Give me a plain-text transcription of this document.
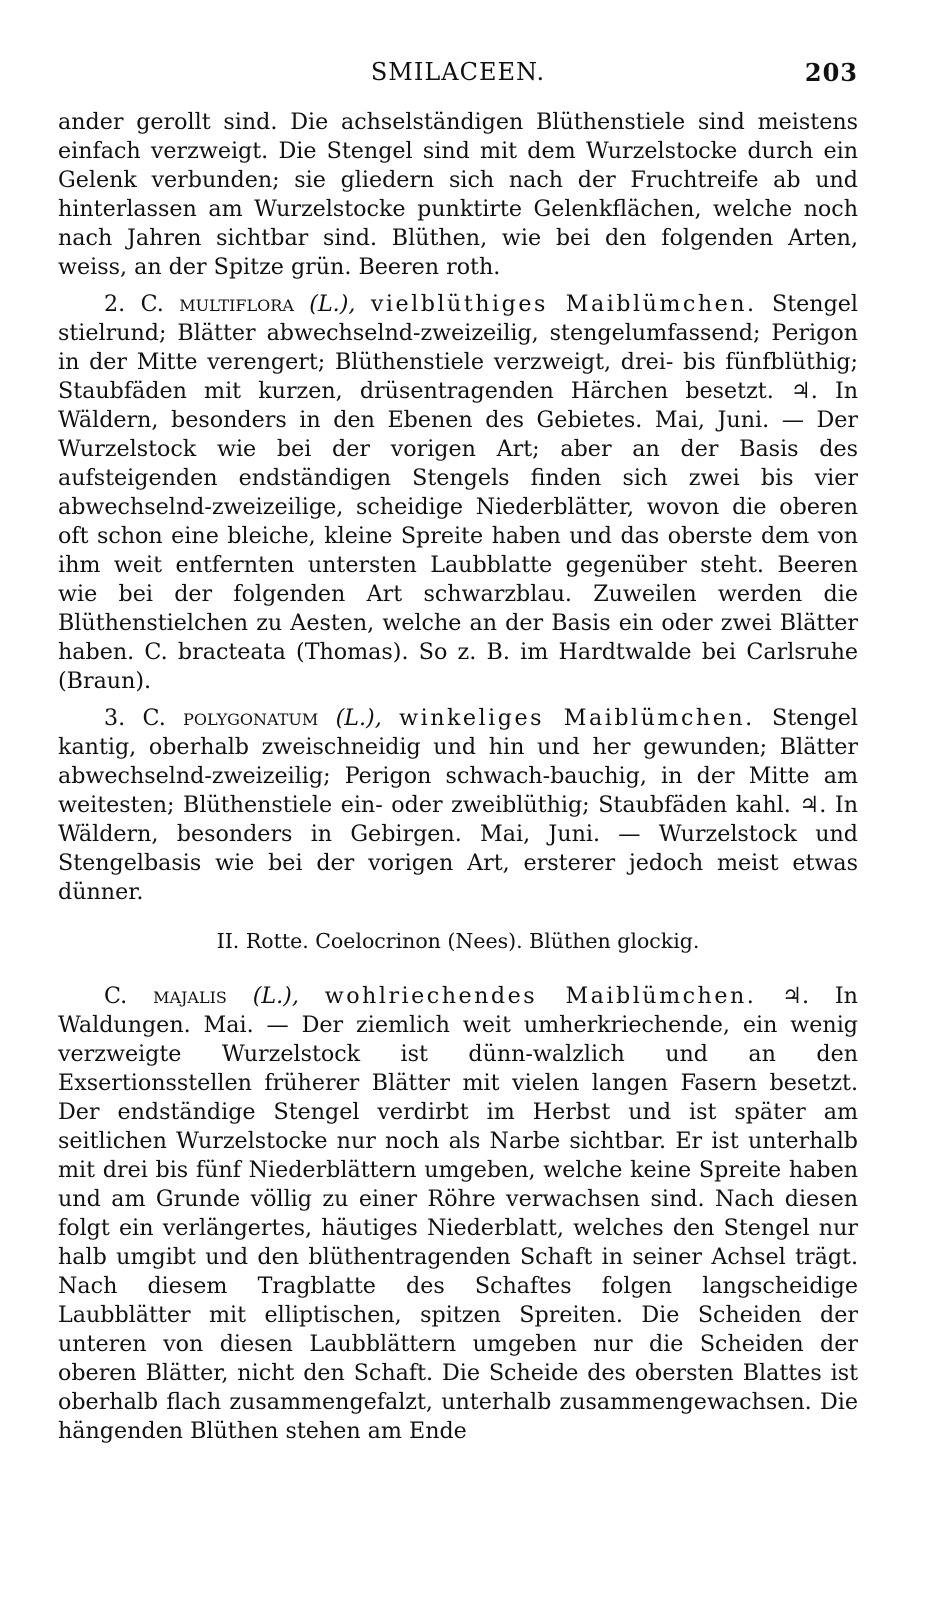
SMILACEEN.	203

ander gerollt sind. Die achselständigen Blüthenstiele sind meistens einfach verzweigt. Die Stengel sind mit dem Wurzelstocke durch ein Gelenk verbunden; sie gliedern sich nach der Fruchtreife ab und hinterlassen am Wurzelstocke punktirte Gelenkflächen, welche noch nach Jahren sichtbar sind. Blüthen, wie bei den folgenden Arten, weiss, an der Spitze grün. Beeren roth.

2. C. multiflora (L.), vielblüthiges Maiblümchen. Stengel stielrund; Blätter abwechselnd-zweizeilig, stengelumfassend; Perigon in der Mitte verengert; Blüthenstiele verzweigt, drei- bis fünfblüthig; Staubfäden mit kurzen, drüsentragenden Härchen besetzt. ♃. In Wäldern, besonders in den Ebenen des Gebietes. Mai, Juni. — Der Wurzelstock wie bei der vorigen Art; aber an der Basis des aufsteigenden endständigen Stengels finden sich zwei bis vier abwechselnd-zweizeilige, scheidige Niederblätter, wovon die oberen oft schon eine bleiche, kleine Spreite haben und das oberste dem von ihm weit entfernten untersten Laubblatte gegenüber steht. Beeren wie bei der folgenden Art schwarzblau. Zuweilen werden die Blüthenstielchen zu Aesten, welche an der Basis ein oder zwei Blätter haben. C. bracteata (Thomas). So z. B. im Hardtwalde bei Carlsruhe (Braun).

3. C. polygonatum (L.), winkeliges Maiblümchen. Stengel kantig, oberhalb zweischneidig und hin und her gewunden; Blätter abwechselnd-zweizeilig; Perigon schwach-bauchig, in der Mitte am weitesten; Blüthenstiele ein- oder zweiblüthig; Staubfäden kahl. ♃. In Wäldern, besonders in Gebirgen. Mai, Juni. — Wurzelstock und Stengelbasis wie bei der vorigen Art, ersterer jedoch meist etwas dünner.

II. Rotte. Coelocrinon (Nees). Blüthen glockig.

C. majalis (L.), wohlriechendes Maiblümchen. ♃. In Waldungen. Mai. — Der ziemlich weit umherkriechende, ein wenig verzweigte Wurzelstock ist dünn-walzlich und an den Exsertionsstellen früherer Blätter mit vielen langen Fasern besetzt. Der endständige Stengel verdirbt im Herbst und ist später am seitlichen Wurzelstocke nur noch als Narbe sichtbar. Er ist unterhalb mit drei bis fünf Niederblättern umgeben, welche keine Spreite haben und am Grunde völlig zu einer Röhre verwachsen sind. Nach diesen folgt ein verlängertes, häutiges Niederblatt, welches den Stengel nur halb umgibt und den blüthentragenden Schaft in seiner Achsel trägt. Nach diesem Tragblatte des Schaftes folgen langscheidige Laubblätter mit elliptischen, spitzen Spreiten. Die Scheiden der unteren von diesen Laubblättern umgeben nur die Scheiden der oberen Blätter, nicht den Schaft. Die Scheide des obersten Blattes ist oberhalb flach zusammengefalzt, unterhalb zusammengewachsen. Die hängenden Blüthen stehen am Ende
